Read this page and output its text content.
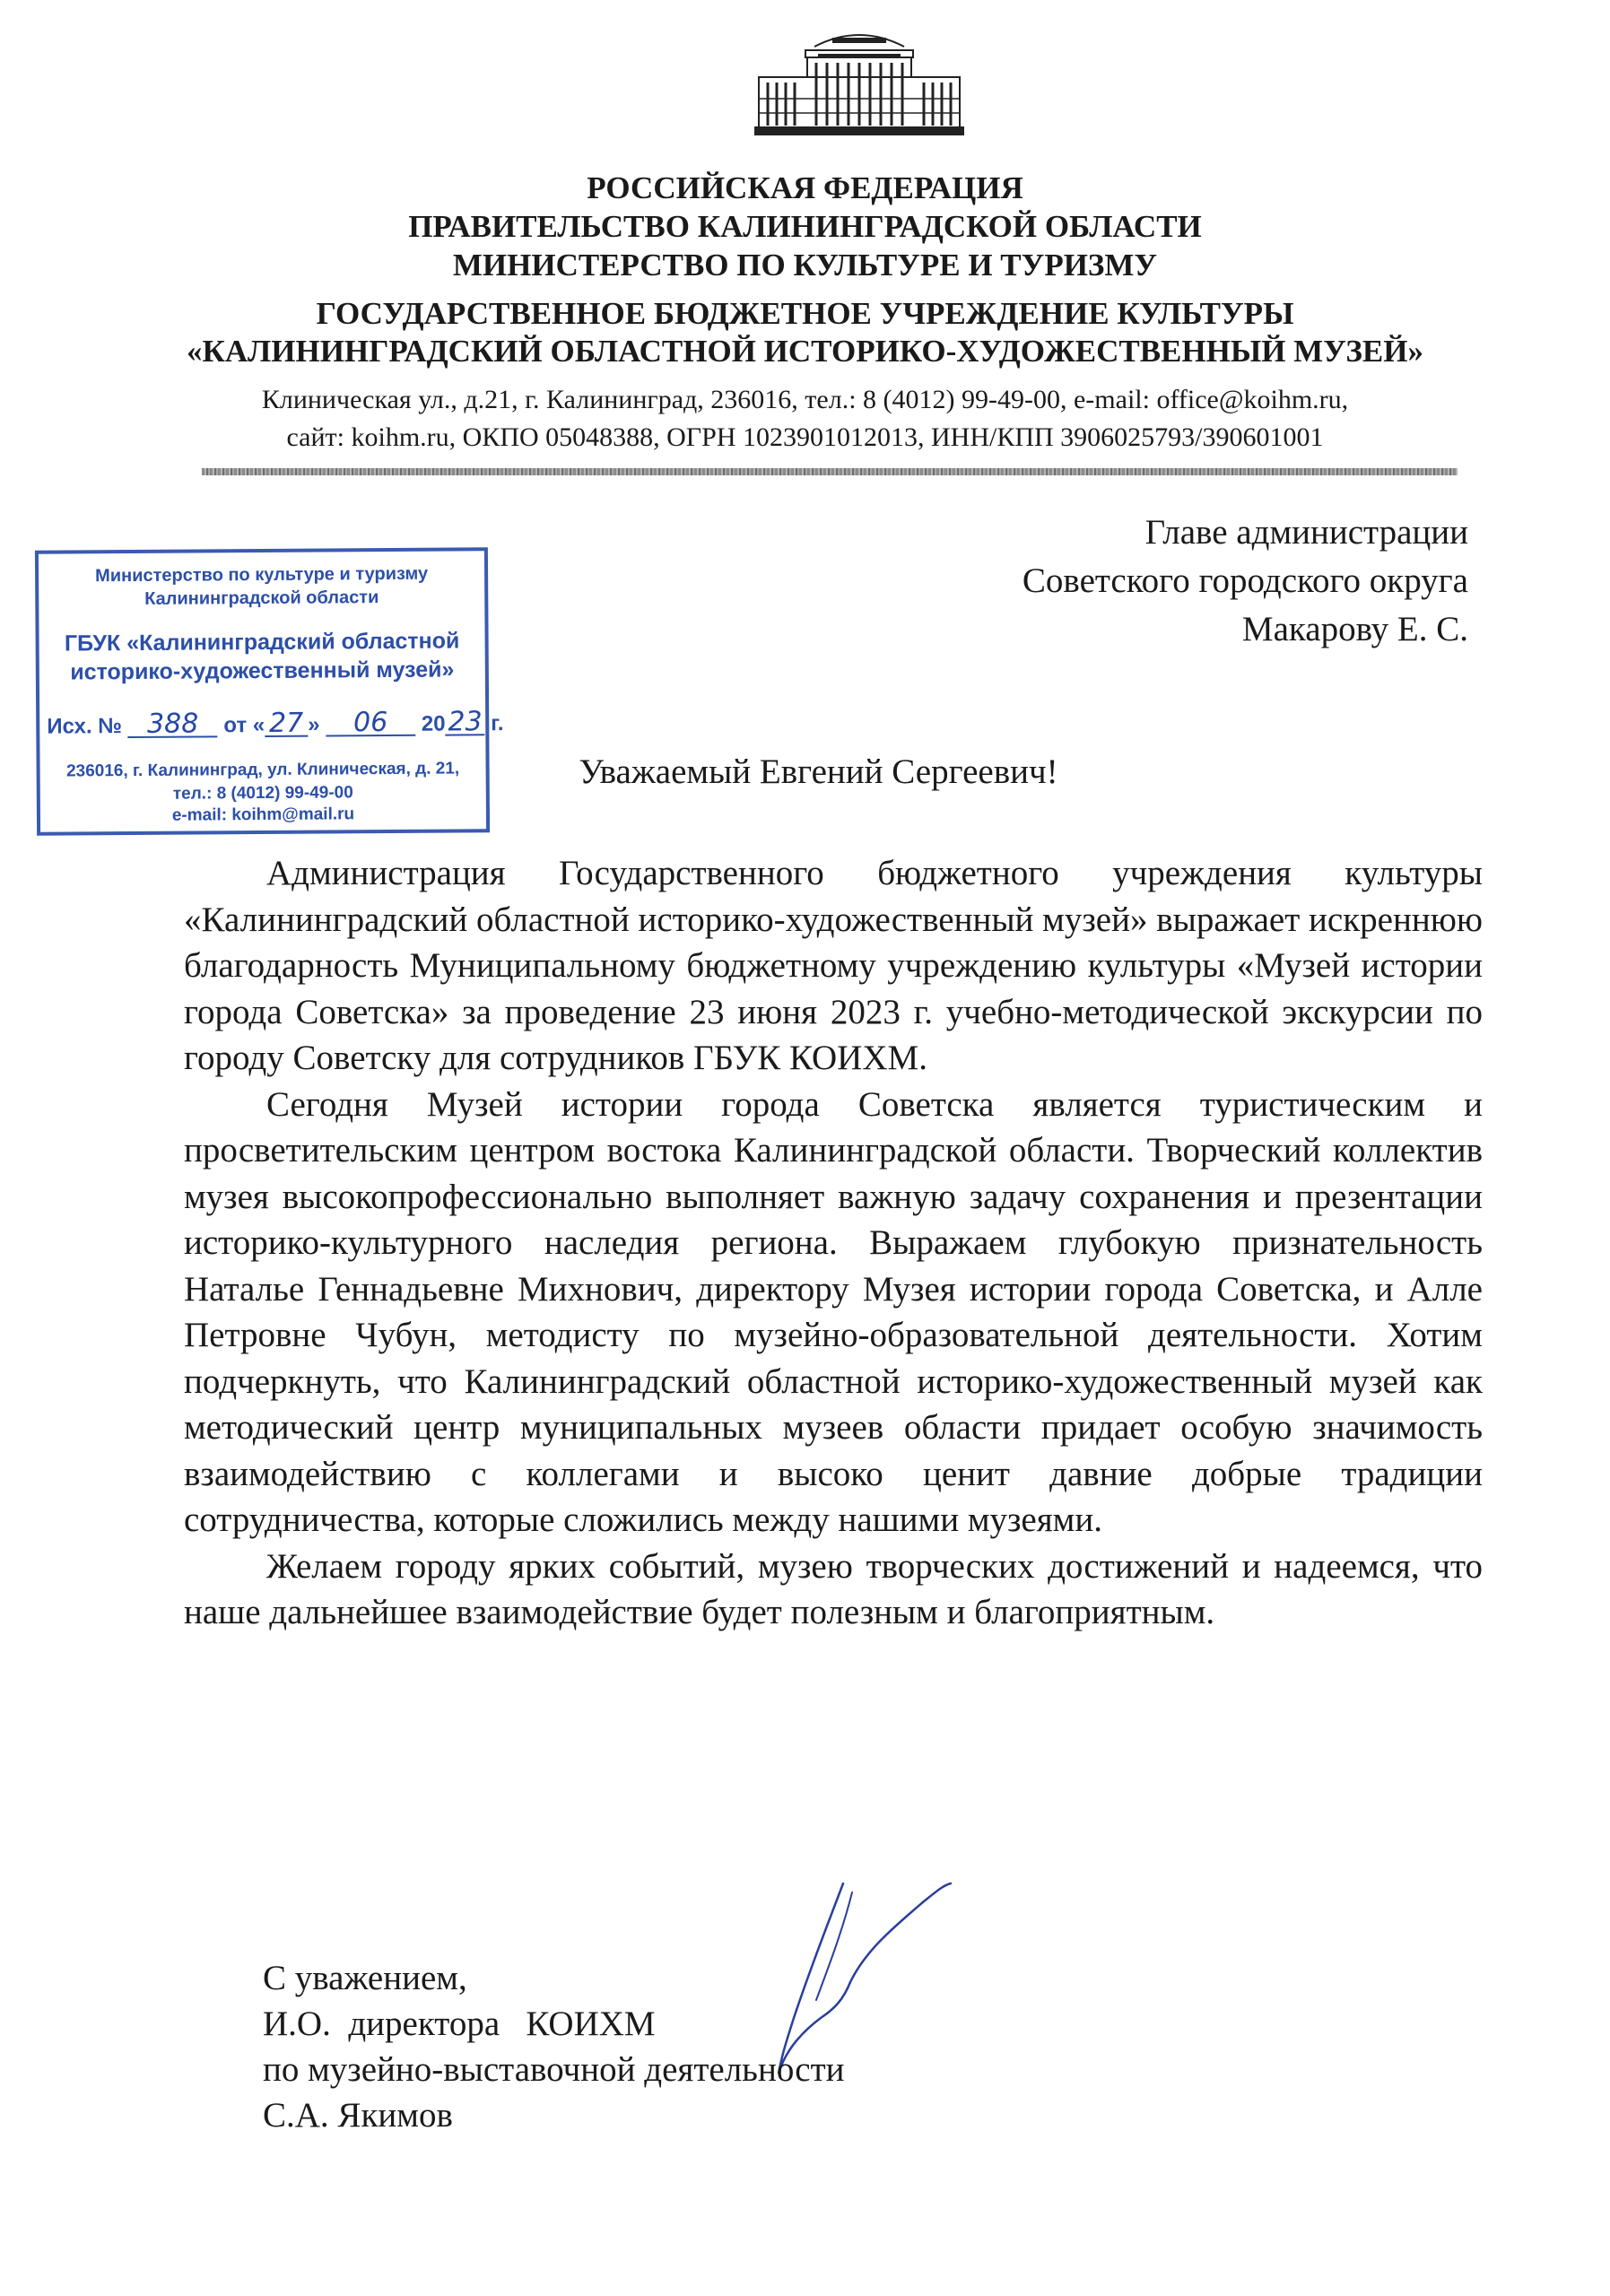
РОССИЙСКАЯ ФЕДЕРАЦИЯ

ПРАВИТЕЛЬСТВО КАЛИНИНГРАДСКОЙ ОБЛАСТИ

МИНИСТЕРСТВО ПО КУЛЬТУРЕ И ТУРИЗМУ

ГОСУДАРСТВЕННОЕ БЮДЖЕТНОЕ УЧРЕЖДЕНИЕ КУЛЬТУРЫ

«КАЛИНИНГРАДСКИЙ ОБЛАСТНОЙ ИСТОРИКО-ХУДОЖЕСТВЕННЫЙ МУЗЕЙ»

Клиническая ул., д.21, г. Калининград, 236016, тел.: 8 (4012) 99-49-00, e-mail: office@koihm.ru,

сайт: koihm.ru, ОКПО 05048388, ОГРН 1023901012013, ИНН/КПП 3906025793/390601001

Министерство по культуре и туризму
Калининградской области
ГБУК «Калининградский областной
историко-художественный музей»
Исх. № 388 от « 27 » 06 2023 г.
236016, г. Калининград, ул. Клиническая, д. 21,
тел.: 8 (4012) 99-49-00
e-mail: koihm@mail.ru

Главе администрации

Советского городского округа

Макарову Е. С.

Уважаемый Евгений Сергеевич!

Администрация Государственного бюджетного учреждения культуры «Калининградский областной историко-художественный музей» выражает искреннюю благодарность Муниципальному бюджетному учреждению культуры «Музей истории города Советска» за проведение 23 июня 2023 г. учебно-методической экскурсии по городу Советску для сотрудников ГБУК КОИХМ.

Сегодня Музей истории города Советска является туристическим и просветительским центром востока Калининградской области. Творческий коллектив музея высокопрофессионально выполняет важную задачу сохранения и презентации историко-культурного наследия региона. Выражаем глубокую признательность Наталье Геннадьевне Михнович, директору Музея истории города Советска, и Алле Петровне Чубун, методисту по музейно-образовательной деятельности. Хотим подчеркнуть, что Калининградский областной историко-художественный музей как методический центр муниципальных музеев области придает особую значимость взаимодействию с коллегами и высоко ценит давние добрые традиции сотрудничества, которые сложились между нашими музеями.

Желаем городу ярких событий, музею творческих достижений и надеемся, что наше дальнейшее взаимодействие будет полезным и благоприятным.

С уважением,
И.О.  директора   КОИХМ
по музейно-выставочной деятельности
С.А. Якимов
